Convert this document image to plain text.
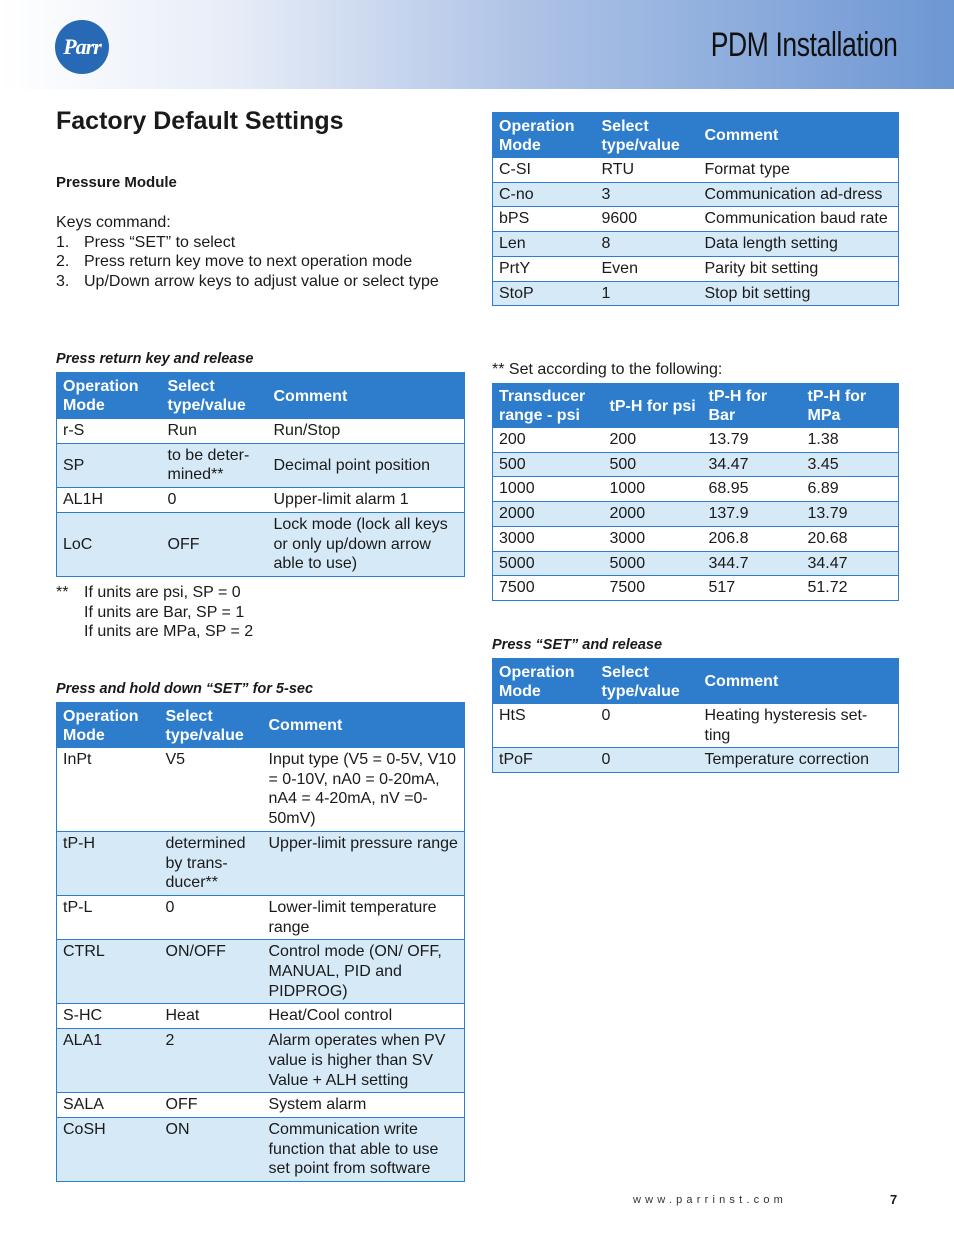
Parr	PDM Installation
Factory Default Settings
Pressure Module
Keys command:
1. Press “SET” to select
2. Press return key move to next operation mode
3. Up/Down arrow keys to adjust value or select type
Press return key and release
Operation Mode	Select type/value	Comment
r-S	Run	Run/Stop
SP	to be deter-mined**	Decimal point position
AL1H	0	Upper-limit alarm 1
LoC	OFF	Lock mode (lock all keys or only up/down arrow able to use)
** If units are psi, SP = 0
If units are Bar, SP = 1
If units are MPa, SP = 2
Press and hold down “SET” for 5-sec
Operation Mode	Select type/value	Comment
InPt	V5	Input type (V5 = 0-5V, V10 = 0-10V, nA0 = 0-20mA, nA4 = 4-20mA, nV =0-50mV)
tP-H	determined by trans-ducer**	Upper-limit pressure range
tP-L	0	Lower-limit temperature range
CTRL	ON/OFF	Control mode (ON/ OFF, MANUAL, PID and PIDPROG)
S-HC	Heat	Heat/Cool control
ALA1	2	Alarm operates when PV value is higher than SV Value + ALH setting
SALA	OFF	System alarm
CoSH	ON	Communication write function that able to use set point from software
Operation Mode	Select type/value	Comment
C-SI	RTU	Format type
C-no	3	Communication ad-dress
bPS	9600	Communication baud rate
Len	8	Data length setting
PrtY	Even	Parity bit setting
StoP	1	Stop bit setting
** Set according to the following:
Transducer range - psi	tP-H for psi	tP-H for Bar	tP-H for MPa
200	200	13.79	1.38
500	500	34.47	3.45
1000	1000	68.95	6.89
2000	2000	137.9	13.79
3000	3000	206.8	20.68
5000	5000	344.7	34.47
7500	7500	517	51.72
Press “SET” and release
Operation Mode	Select type/value	Comment
HtS	0	Heating hysteresis set-ting
tPoF	0	Temperature correction
www.parrinst.com	7
